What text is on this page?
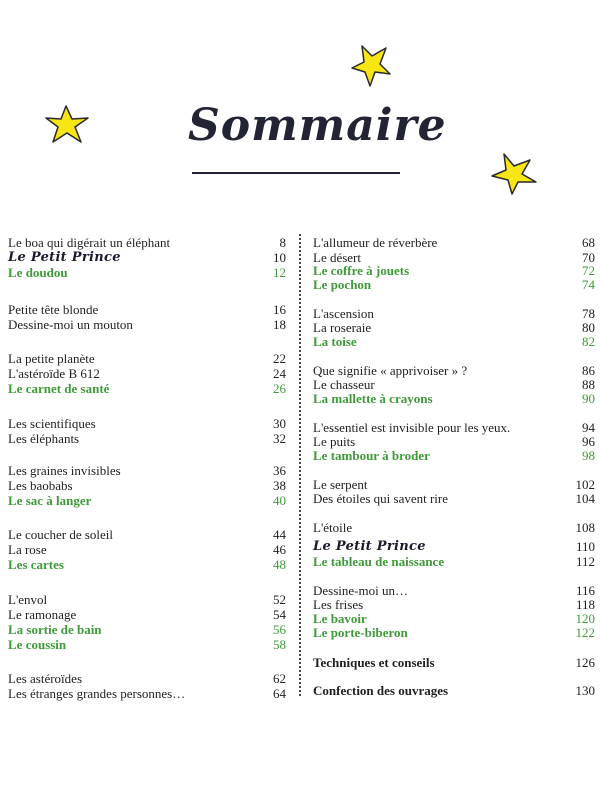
Sommaire
Le boa qui digérait un éléphant	8
Le Petit Prince	10
Le doudou	12
Petite tête blonde	16
Dessine-moi un mouton	18
La petite planète	22
L'astéroïde B 612	24
Le carnet de santé	26
Les scientifiques	30
Les éléphants	32
Les graines invisibles	36
Les baobabs	38
Le sac à langer	40
Le coucher de soleil	44
La rose	46
Les cartes	48
L'envol	52
Le ramonage	54
La sortie de bain	56
Le coussin	58
Les astéroïdes	62
Les étranges grandes personnes…	64
L'allumeur de réverbère	68
Le désert	70
Le coffre à jouets	72
Le pochon	74
L'ascension	78
La roseraie	80
La toise	82
Que signifie « apprivoiser » ?	86
Le chasseur	88
La mallette à crayons	90
L'essentiel est invisible pour les yeux.	94
Le puits	96
Le tambour à broder	98
Le serpent	102
Des étoiles qui savent rire	104
L'étoile	108
Le Petit Prince	110
Le tableau de naissance	112
Dessine-moi un…	116
Les frises	118
Le bavoir	120
Le porte-biberon	122
Techniques et conseils	126
Confection des ouvrages	130
